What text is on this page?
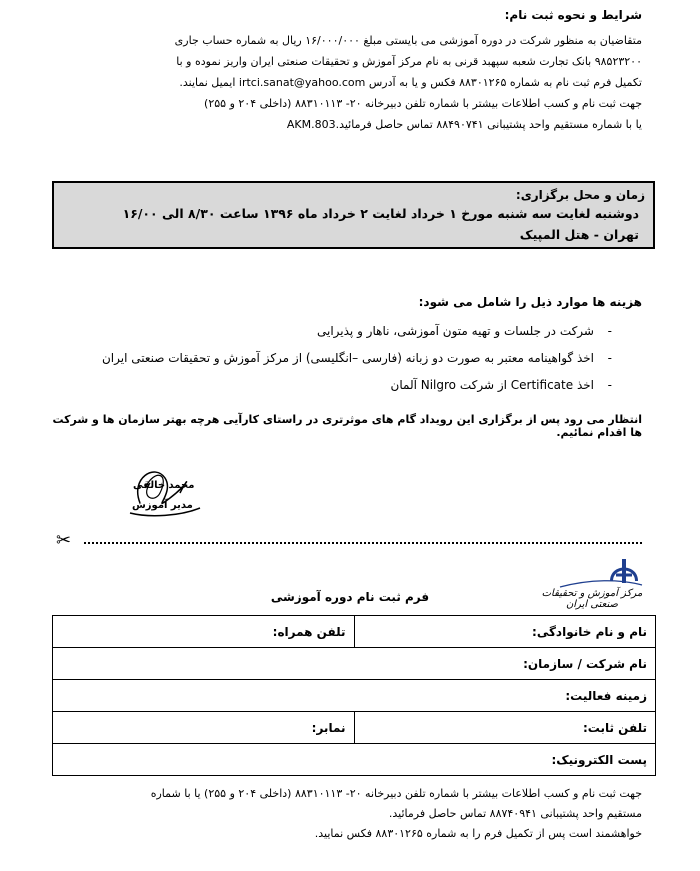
شرایط و نحوه ثبت نام:

متقاضیان به منظور شرکت در دوره آموزشی می بایستی مبلغ ۱۶/۰۰۰/۰۰۰ ریال به شماره حساب جاری

۹۸۵۲۳۲۰۰ بانک تجارت شعبه سپهبد قرنی به نام مرکز آموزش و تحقیقات صنعتی ایران واریز نموده و با

تکمیل فرم ثبت نام به شماره ۸۸۳۰۱۲۶۵ فکس و یا به آدرس irtci.sanat@yahoo.com ایمیل نمایند.

جهت ثبت نام و کسب اطلاعات بیشتر با شماره تلفن دبیرخانه ۲۰- ۸۸۳۱۰۱۱۳ (داخلی ۲۰۴ و ۲۵۵)

یا با شماره مستقیم واحد پشتیبانی ۸۸۴۹۰۷۴۱ تماس حاصل فرمائید.AKM.803

زمان و محل برگزاری:
دوشنبه لغایت سه شنبه مورخ ۱ خرداد لغایت ۲ خرداد ماه ۱۳۹۶ ساعت ۸/۳۰ الی ۱۶/۰۰
تهران - هتل المپیک
هزینه ها موارد ذیل را شامل می شود:
- شرکت در جلسات و تهیه متون آموزشی، ناهار و پذیرایی
- اخذ گواهینامه معتبر به صورت دو زبانه (فارسی –انگلیسی) از مرکز آموزش و تحقیقات صنعتی ایران
- اخذ Certificate از شرکت Nilgro آلمان
انتظار می رود پس از برگزاری این رویداد گام های موثرتری در راستای کارآیی هرچه بهتر سازمان ها و شرکت ها اقدام نمائیم.
محمد خالقی
مدیر آموزش
✂
مرکز آموزش و تحقیقات صنعتی ایران
فرم ثبت نام دوره آموزشی
نام و نام خانوادگی:	تلفن همراه:
نام شرکت / سازمان:	
زمینه فعالیت:	
تلفن ثابت:	نمابر:
پست الکترونیک:	

جهت ثبت نام و کسب اطلاعات بیشتر با شماره تلفن دبیرخانه ۲۰- ۸۸۳۱۰۱۱۳ (داخلی ۲۰۴ و ۲۵۵) یا با شماره

مستقیم واحد پشتیبانی ۸۸۷۴۰۹۴۱ تماس حاصل فرمائید.

خواهشمند است پس از تکمیل فرم را به شماره ۸۸۳۰۱۲۶۵ فکس نمایید.
